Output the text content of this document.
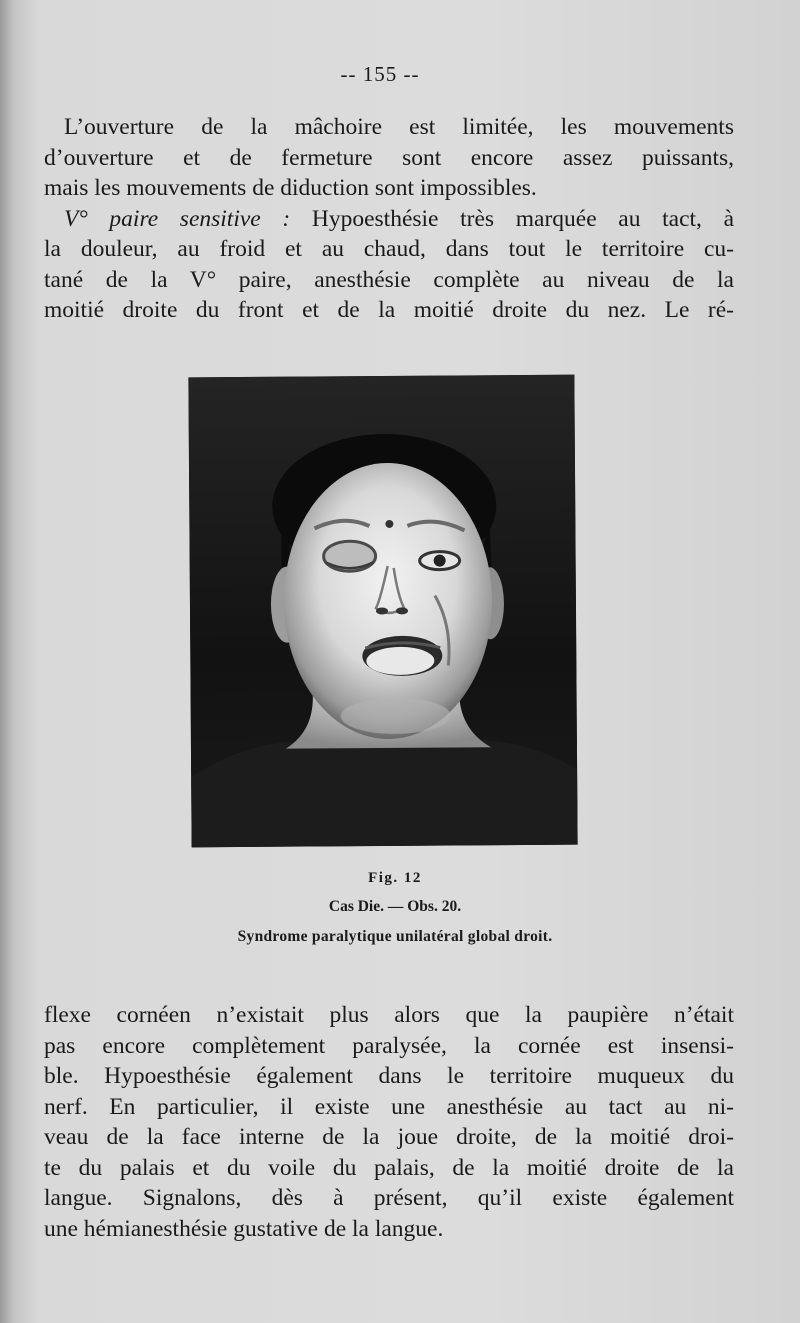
-- 155 --
L’ouverture de la mâchoire est limitée, les mouvements
d’ouverture et de fermeture sont encore assez puissants,
mais les mouvements de diduction sont impossibles.
V° paire sensitive : Hypoesthésie très marquée au tact, à
la douleur, au froid et au chaud, dans tout le territoire cu-
tané de la V° paire, anesthésie complète au niveau de la
moitié droite du front et de la moitié droite du nez. Le ré-
Fig. 12
Cas Die. — Obs. 20.
Syndrome paralytique unilatéral global droit.
flexe cornéen n’existait plus alors que la paupière n’était
pas encore complètement paralysée, la cornée est insensi-
ble. Hypoesthésie également dans le territoire muqueux du
nerf. En particulier, il existe une anesthésie au tact au ni-
veau de la face interne de la joue droite, de la moitié droi-
te du palais et du voile du palais, de la moitié droite de la
langue. Signalons, dès à présent, qu’il existe également
une hémianesthésie gustative de la langue.
